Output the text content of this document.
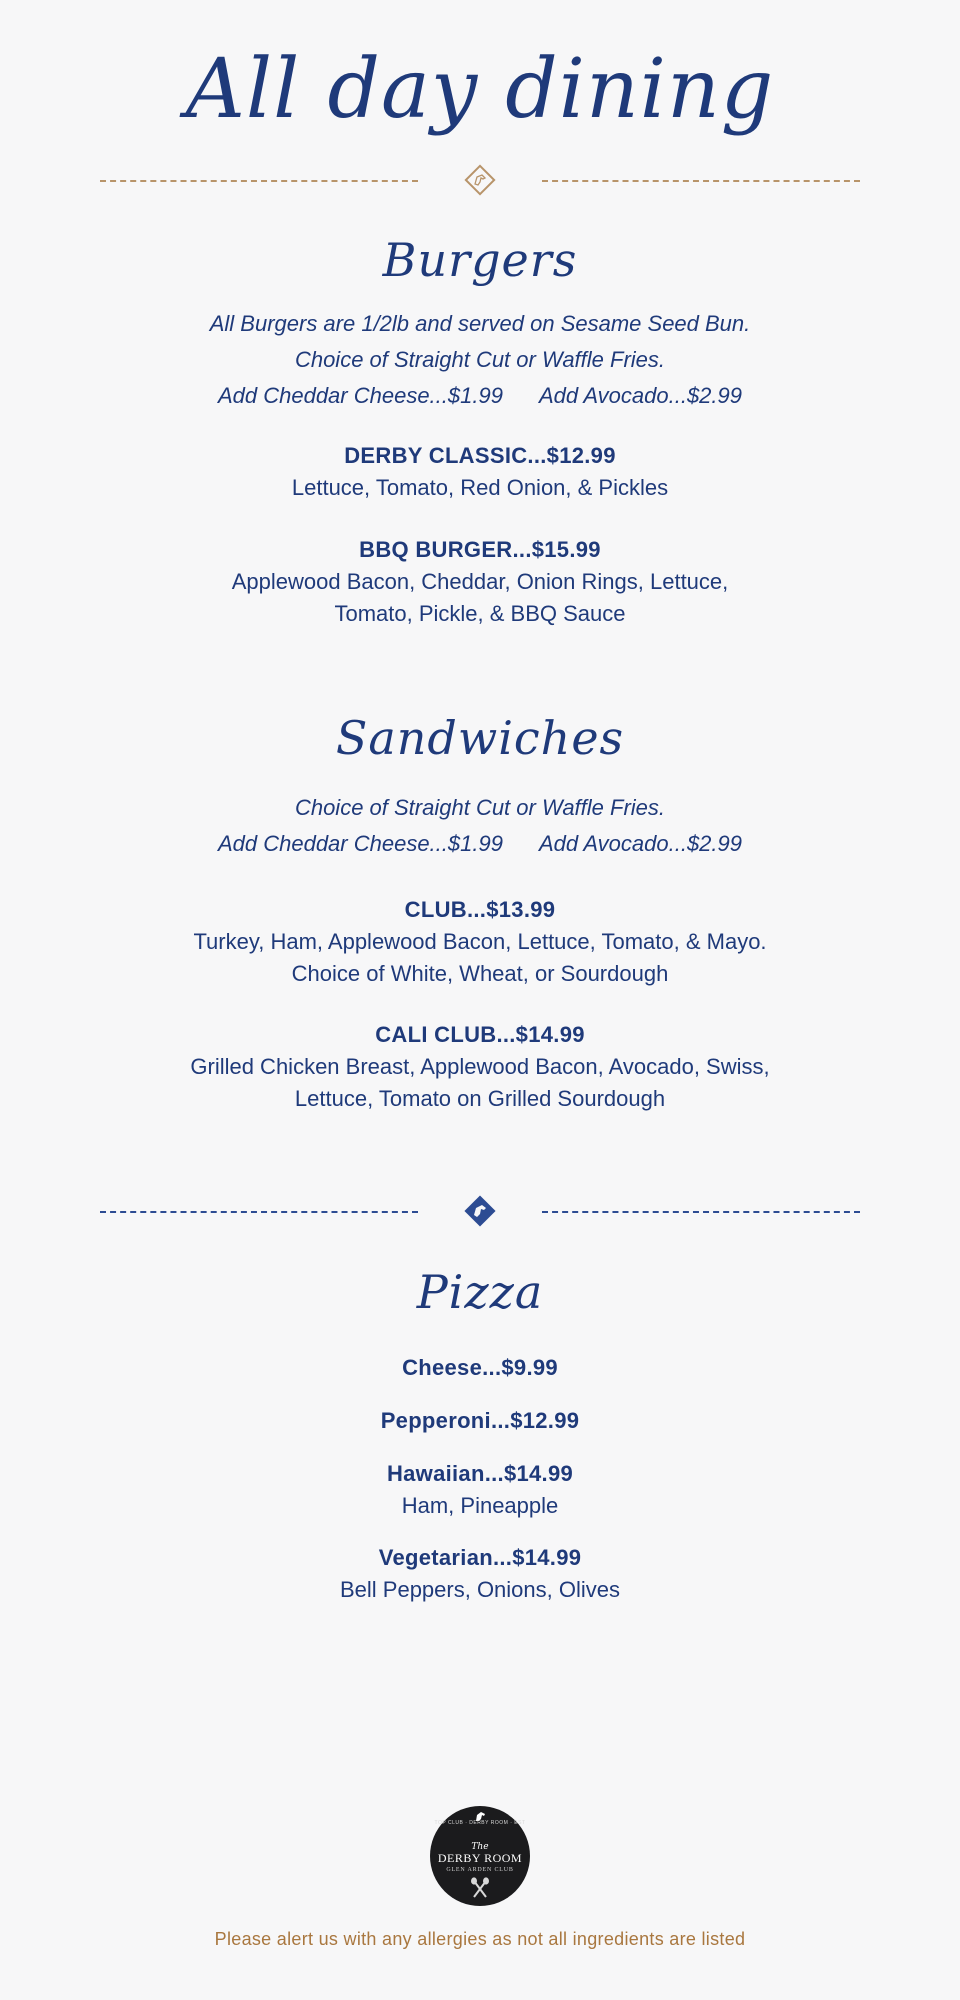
All day dining
Burgers
All Burgers are 1/2lb and served on Sesame Seed Bun.
Choice of Straight Cut or Waffle Fries.
Add Cheddar Cheese...$1.99 Add Avocado...$2.99
DERBY CLASSIC...$12.99
Lettuce, Tomato, Red Onion, & Pickles
BBQ BURGER...$15.99
Applewood Bacon, Cheddar, Onion Rings, Lettuce,
Tomato, Pickle, & BBQ Sauce
Sandwiches
Choice of Straight Cut or Waffle Fries.
Add Cheddar Cheese...$1.99 Add Avocado...$2.99
CLUB...$13.99
Turkey, Ham, Applewood Bacon, Lettuce, Tomato, & Mayo.
Choice of White, Wheat, or Sourdough
CALI CLUB...$14.99
Grilled Chicken Breast, Applewood Bacon, Avocado, Swiss,
Lettuce, Tomato on Grilled Sourdough
Pizza
Cheese...$9.99
Pepperoni...$12.99
Hawaiian...$14.99
Ham, Pineapple
Vegetarian...$14.99
Bell Peppers, Onions, Olives
TOP CLUB · DERBY ROOM · EST
The
DERBY ROOM
GLEN ARDEN CLUB
Please alert us with any allergies as not all ingredients are listed
